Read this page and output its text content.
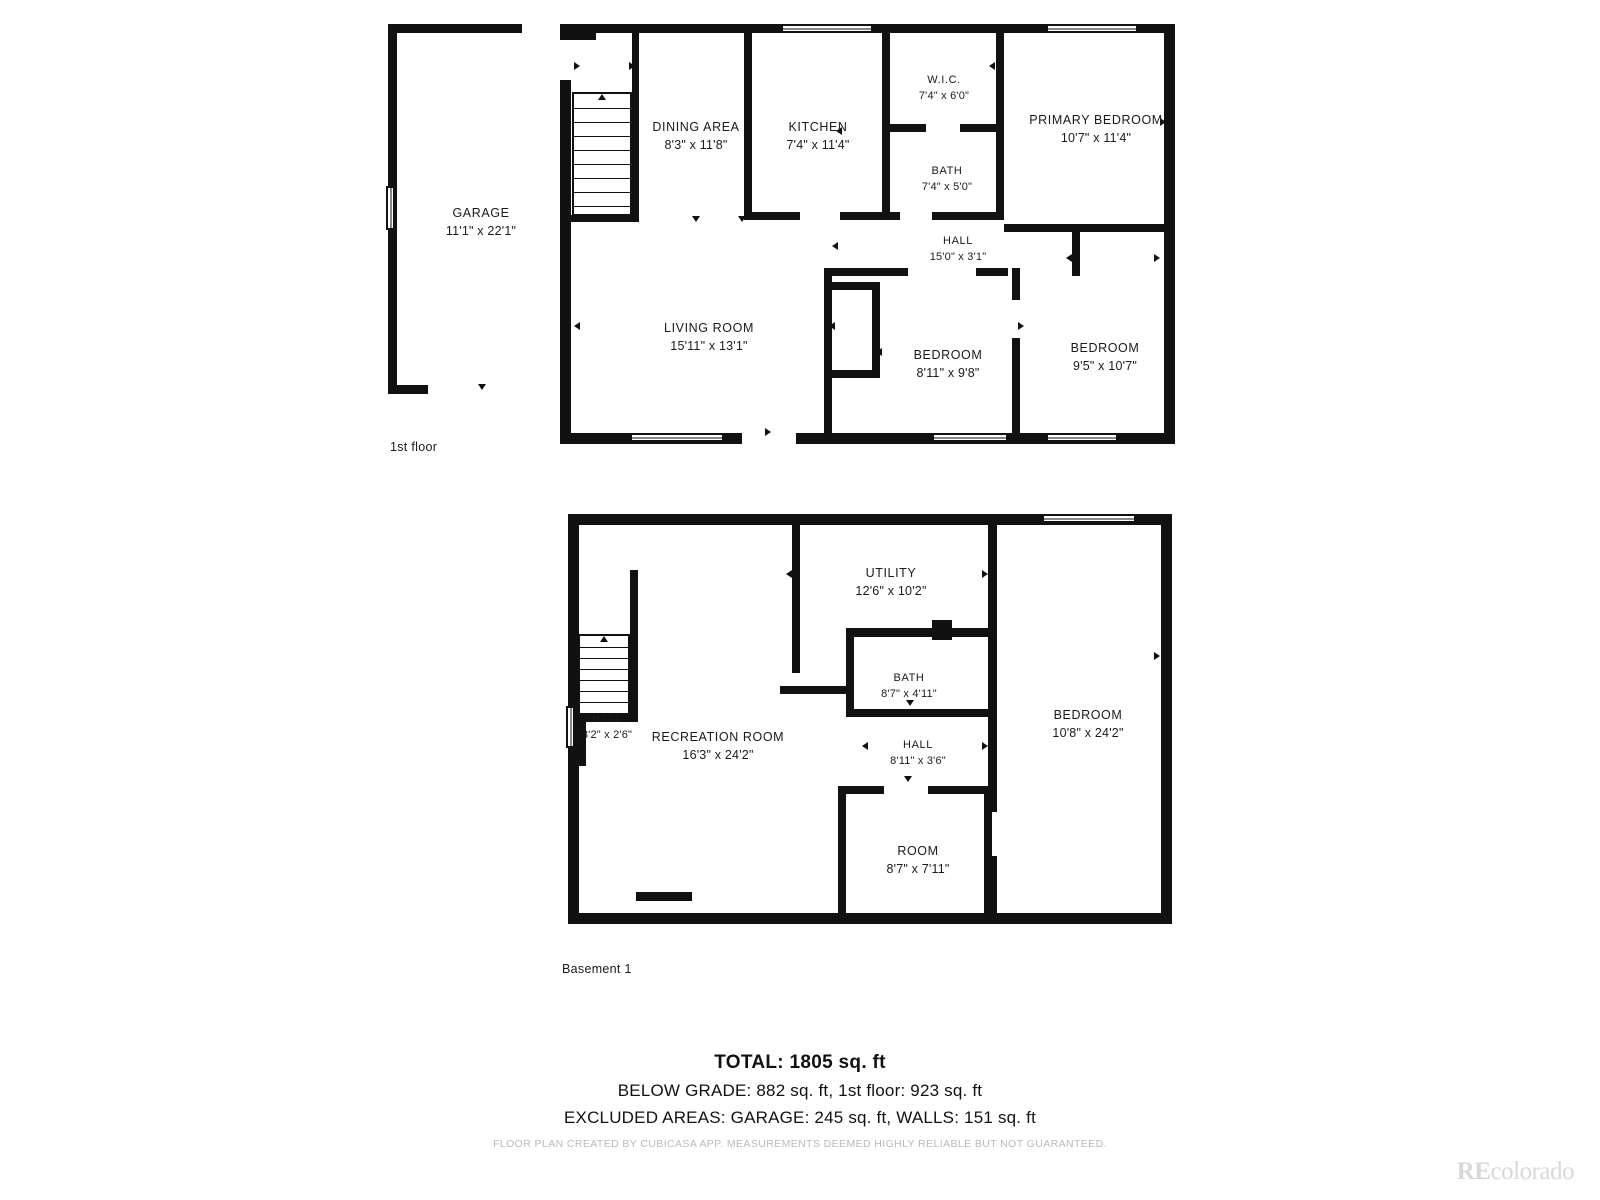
GARAGE
11'1" x 22'1"
DINING AREA
8'3" x 11'8"
KITCHEN
7'4" x 11'4"
W.I.C.
7'4" x 6'0"
PRIMARY BEDROOM
10'7" x 11'4"
BATH
7'4" x 5'0"
HALL
15'0" x 3'1"
LIVING ROOM
15'11" x 13'1"
BEDROOM
8'11" x 9'8"
BEDROOM
9'5" x 10'7"
1st floor
UTILITY
12'6" x 10'2"
BATH
8'7" x 4'11"
BEDROOM
10'8" x 24'2"
HALL
3'2" x 2'6"	RECREATION ROOM
16'3" x 24'2"
HALL
8'11" x 3'6"
ROOM
8'7" x 7'11"
Basement 1
TOTAL: 1805 sq. ft
BELOW GRADE: 882 sq. ft, 1st floor: 923 sq. ft
EXCLUDED AREAS: GARAGE: 245 sq. ft, WALLS: 151 sq. ft
FLOOR PLAN CREATED BY CUBICASA APP. MEASUREMENTS DEEMED HIGHLY RELIABLE BUT NOT GUARANTEED.
REcolorado
